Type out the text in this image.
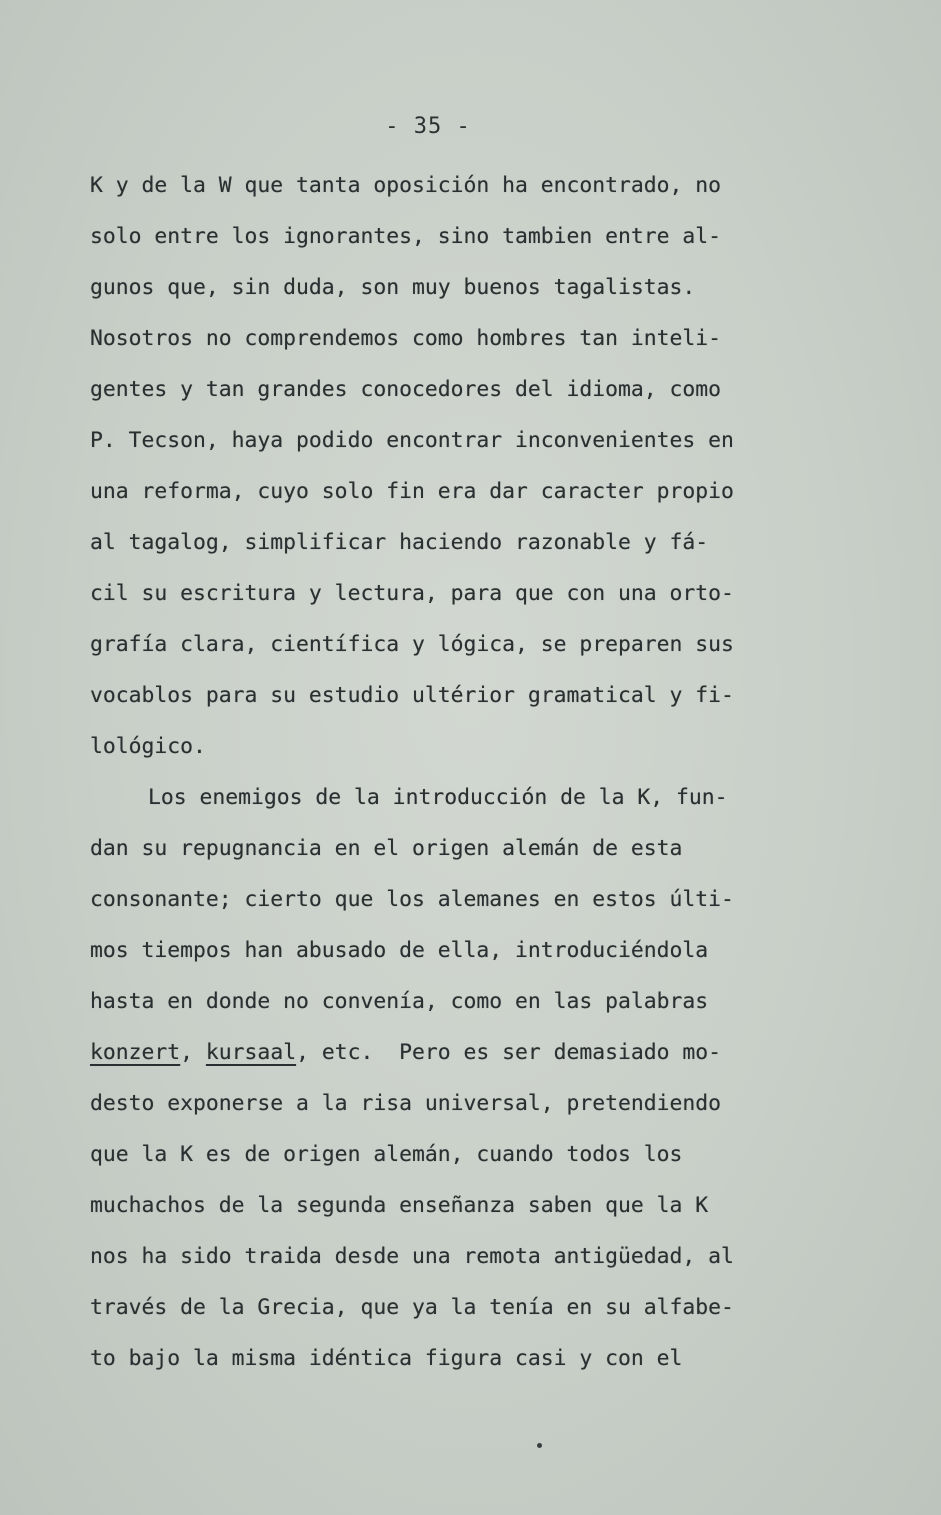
- 35 -
K y de la W que tanta oposición ha encontrado, no
solo entre los ignorantes, sino tambien entre al-
gunos que, sin duda, son muy buenos tagalistas.
Nosotros no comprendemos como hombres tan inteli-
gentes y tan grandes conocedores del idioma, como
P. Tecson, haya podido encontrar inconvenientes en
una reforma, cuyo solo fin era dar caracter propio
al tagalog, simplificar haciendo razonable y fá-
cil su escritura y lectura, para que con una orto-
grafía clara, científica y lógica, se preparen sus
vocablos para su estudio ultérior gramatical y fi-
lológico.
Los enemigos de la introducción de la K, fun-
dan su repugnancia en el origen alemán de esta
consonante; cierto que los alemanes en estos últi-
mos tiempos han abusado de ella, introduciéndola
hasta en donde no convenía, como en las palabras
konzert, kursaal, etc.  Pero es ser demasiado mo-
desto exponerse a la risa universal, pretendiendo
que la K es de origen alemán, cuando todos los
muchachos de la segunda enseñanza saben que la K
nos ha sido traida desde una remota antigüedad, al
través de la Grecia, que ya la tenía en su alfabe-
to bajo la misma idéntica figura casi y con el
